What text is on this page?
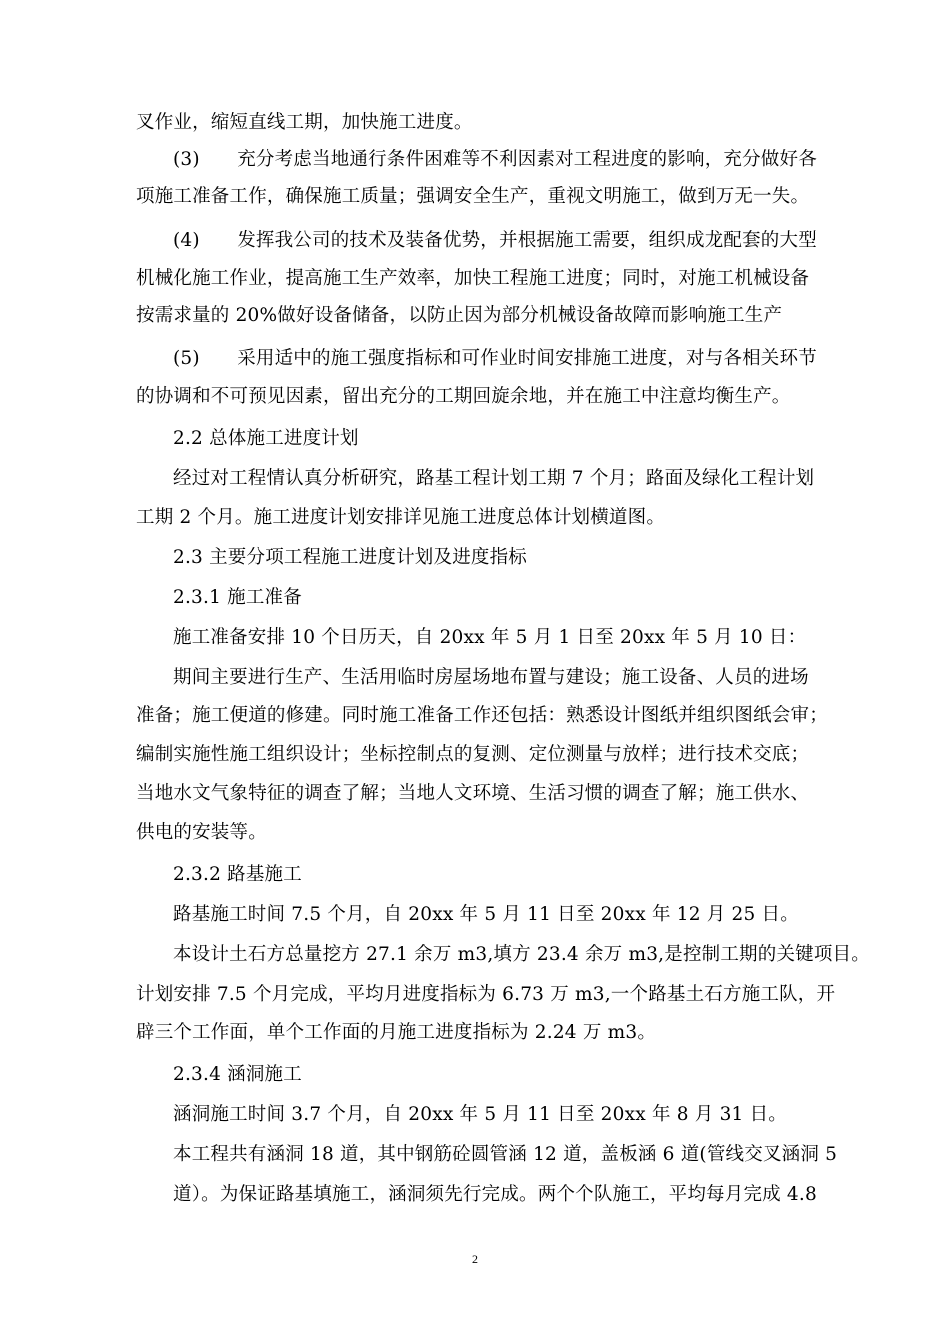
叉作业，缩短直线工期，加快施工进度。
(3)　　充分考虑当地通行条件困难等不利因素对工程进度的影响，充分做好各
项施工准备工作，确保施工质量；强调安全生产，重视文明施工，做到万无一失。
(4)　　发挥我公司的技术及装备优势，并根据施工需要，组织成龙配套的大型
机械化施工作业，提高施工生产效率，加快工程施工进度；同时，对施工机械设备
按需求量的 20%做好设备储备，以防止因为部分机械设备故障而影响施工生产
(5)　　采用适中的施工强度指标和可作业时间安排施工进度，对与各相关环节
的协调和不可预见因素，留出充分的工期回旋余地，并在施工中注意均衡生产。
2.2 总体施工进度计划
经过对工程情认真分析研究，路基工程计划工期 7 个月；路面及绿化工程计划
工期 2 个月。施工进度计划安排详见施工进度总体计划横道图。
2.3 主要分项工程施工进度计划及进度指标
2.3.1 施工准备
施工准备安排 10 个日历天，自 20xx 年 5 月 1 日至 20xx 年 5 月 10 日：
期间主要进行生产、生活用临时房屋场地布置与建设；施工设备、人员的进场
准备；施工便道的修建。同时施工准备工作还包括：熟悉设计图纸并组织图纸会审；
编制实施性施工组织设计；坐标控制点的复测、定位测量与放样；进行技术交底；
当地水文气象特征的调查了解；当地人文环境、生活习惯的调查了解；施工供水、
供电的安装等。
2.3.2 路基施工
路基施工时间 7.5 个月，自 20xx 年 5 月 11 日至 20xx 年 12 月 25 日。
本设计土石方总量挖方 27.1 余万 m3,填方 23.4 余万 m3,是控制工期的关键项目。
计划安排 7.5 个月完成，平均月进度指标为 6.73 万 m3,一个路基土石方施工队，开
辟三个工作面，单个工作面的月施工进度指标为 2.24 万 m3。
2.3.4 涵洞施工
涵洞施工时间 3.7 个月，自 20xx 年 5 月 11 日至 20xx 年 8 月 31 日。
本工程共有涵洞 18 道，其中钢筋砼圆管涵 12 道，盖板涵 6 道(管线交叉涵洞 5
道）。为保证路基填施工，涵洞须先行完成。两个个队施工，平均每月完成 4.8
2
